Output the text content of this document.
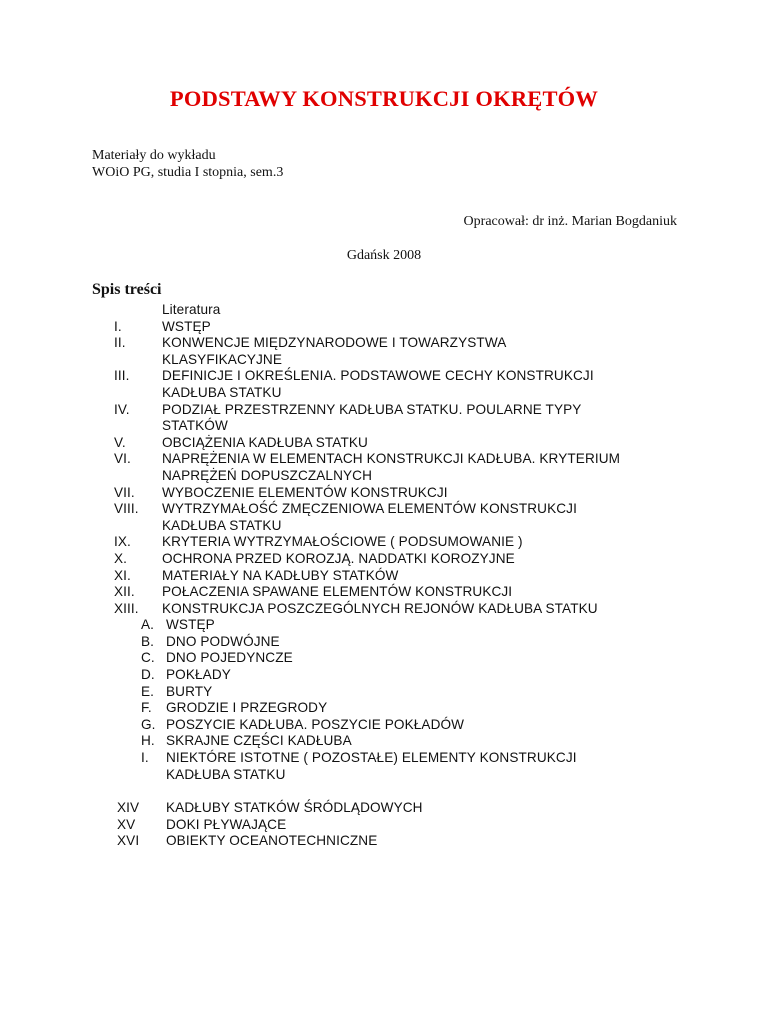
PODSTAWY KONSTRUKCJI OKRĘTÓW
Materiały do wykładu
WOiO PG, studia I stopnia, sem.3
Opracował: dr inż. Marian Bogdaniuk
Gdańsk 2008
Spis treści
Literatura
I.	WSTĘP
II.	KONWENCJE MIĘDZYNARODOWE I TOWARZYSTWA
KLASYFIKACYJNE
III. DEFINICJE I OKREŚLENIA. PODSTAWOWE CECHY KONSTRUKCJI
KADŁUBA STATKU
IV. PODZIAŁ PRZESTRZENNY KADŁUBA STATKU. POULARNE TYPY
STATKÓW
V.	OBCIĄŻENIA KADŁUBA STATKU
VI. NAPRĘŻENIA W ELEMENTACH KONSTRUKCJI KADŁUBA. KRYTERIUM
NAPRĘŻEŃ DOPUSZCZALNYCH
VII. WYBOCZENIE ELEMENTÓW KONSTRUKCJI
VIII. WYTRZYMAŁOŚĆ ZMĘCZENIOWA ELEMENTÓW KONSTRUKCJI
KADŁUBA STATKU
IX. KRYTERIA WYTRZYMAŁOŚCIOWE ( PODSUMOWANIE )
X.	OCHRONA PRZED KOROZJĄ. NADDATKI KOROZYJNE
XI. MATERIAŁY NA KADŁUBY STATKÓW
XII. POŁACZENIA SPAWANE ELEMENTÓW KONSTRUKCJI
XIII. KONSTRUKCJA POSZCZEGÓLNYCH REJONÓW KADŁUBA STATKU
A. WSTĘP
B. DNO PODWÓJNE
C. DNO POJEDYNCZE
D. POKŁADY
E. BURTY
F. GRODZIE I PRZEGRODY
G. POSZYCIE KADŁUBA. POSZYCIE POKŁADÓW
H. SKRAJNE CZĘŚCI KADŁUBA
I. NIEKTÓRE ISTOTNE ( POZOSTAŁE) ELEMENTY KONSTRUKCJI
KADŁUBA STATKU
XIV KADŁUBY STATKÓW ŚRÓDLĄDOWYCH
XV DOKI PŁYWAJĄCE
XVI OBIEKTY OCEANOTECHNICZNE
